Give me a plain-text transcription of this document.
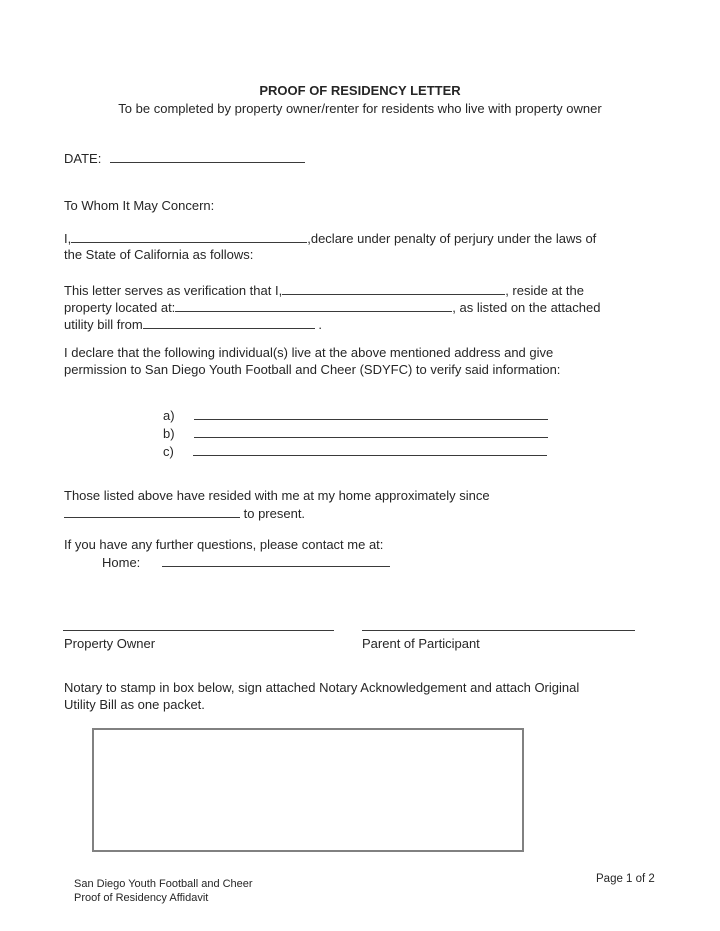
PROOF OF RESIDENCY LETTER
To be completed by property owner/renter for residents who live with property owner
DATE:
To Whom It May Concern:
I,	,declare under penalty of perjury under the laws of
the State of California as follows:
This letter serves as verification that I,	, reside at the
property located at:	, as listed on the attached
utility bill from	.
I declare that the following individual(s) live at the above mentioned address and give
permission to San Diego Youth Football and Cheer (SDYFC) to verify said information:
a)
b)
c)
Those listed above have resided with me at my home approximately since
to present.
If you have any further questions, please contact me at:
Home:
Property Owner	Parent of Participant
Notary to stamp in box below, sign attached Notary Acknowledgement and attach Original
Utility Bill as one packet.
San Diego Youth Football and Cheer
Proof of Residency Affidavit
Page 1 of 2
